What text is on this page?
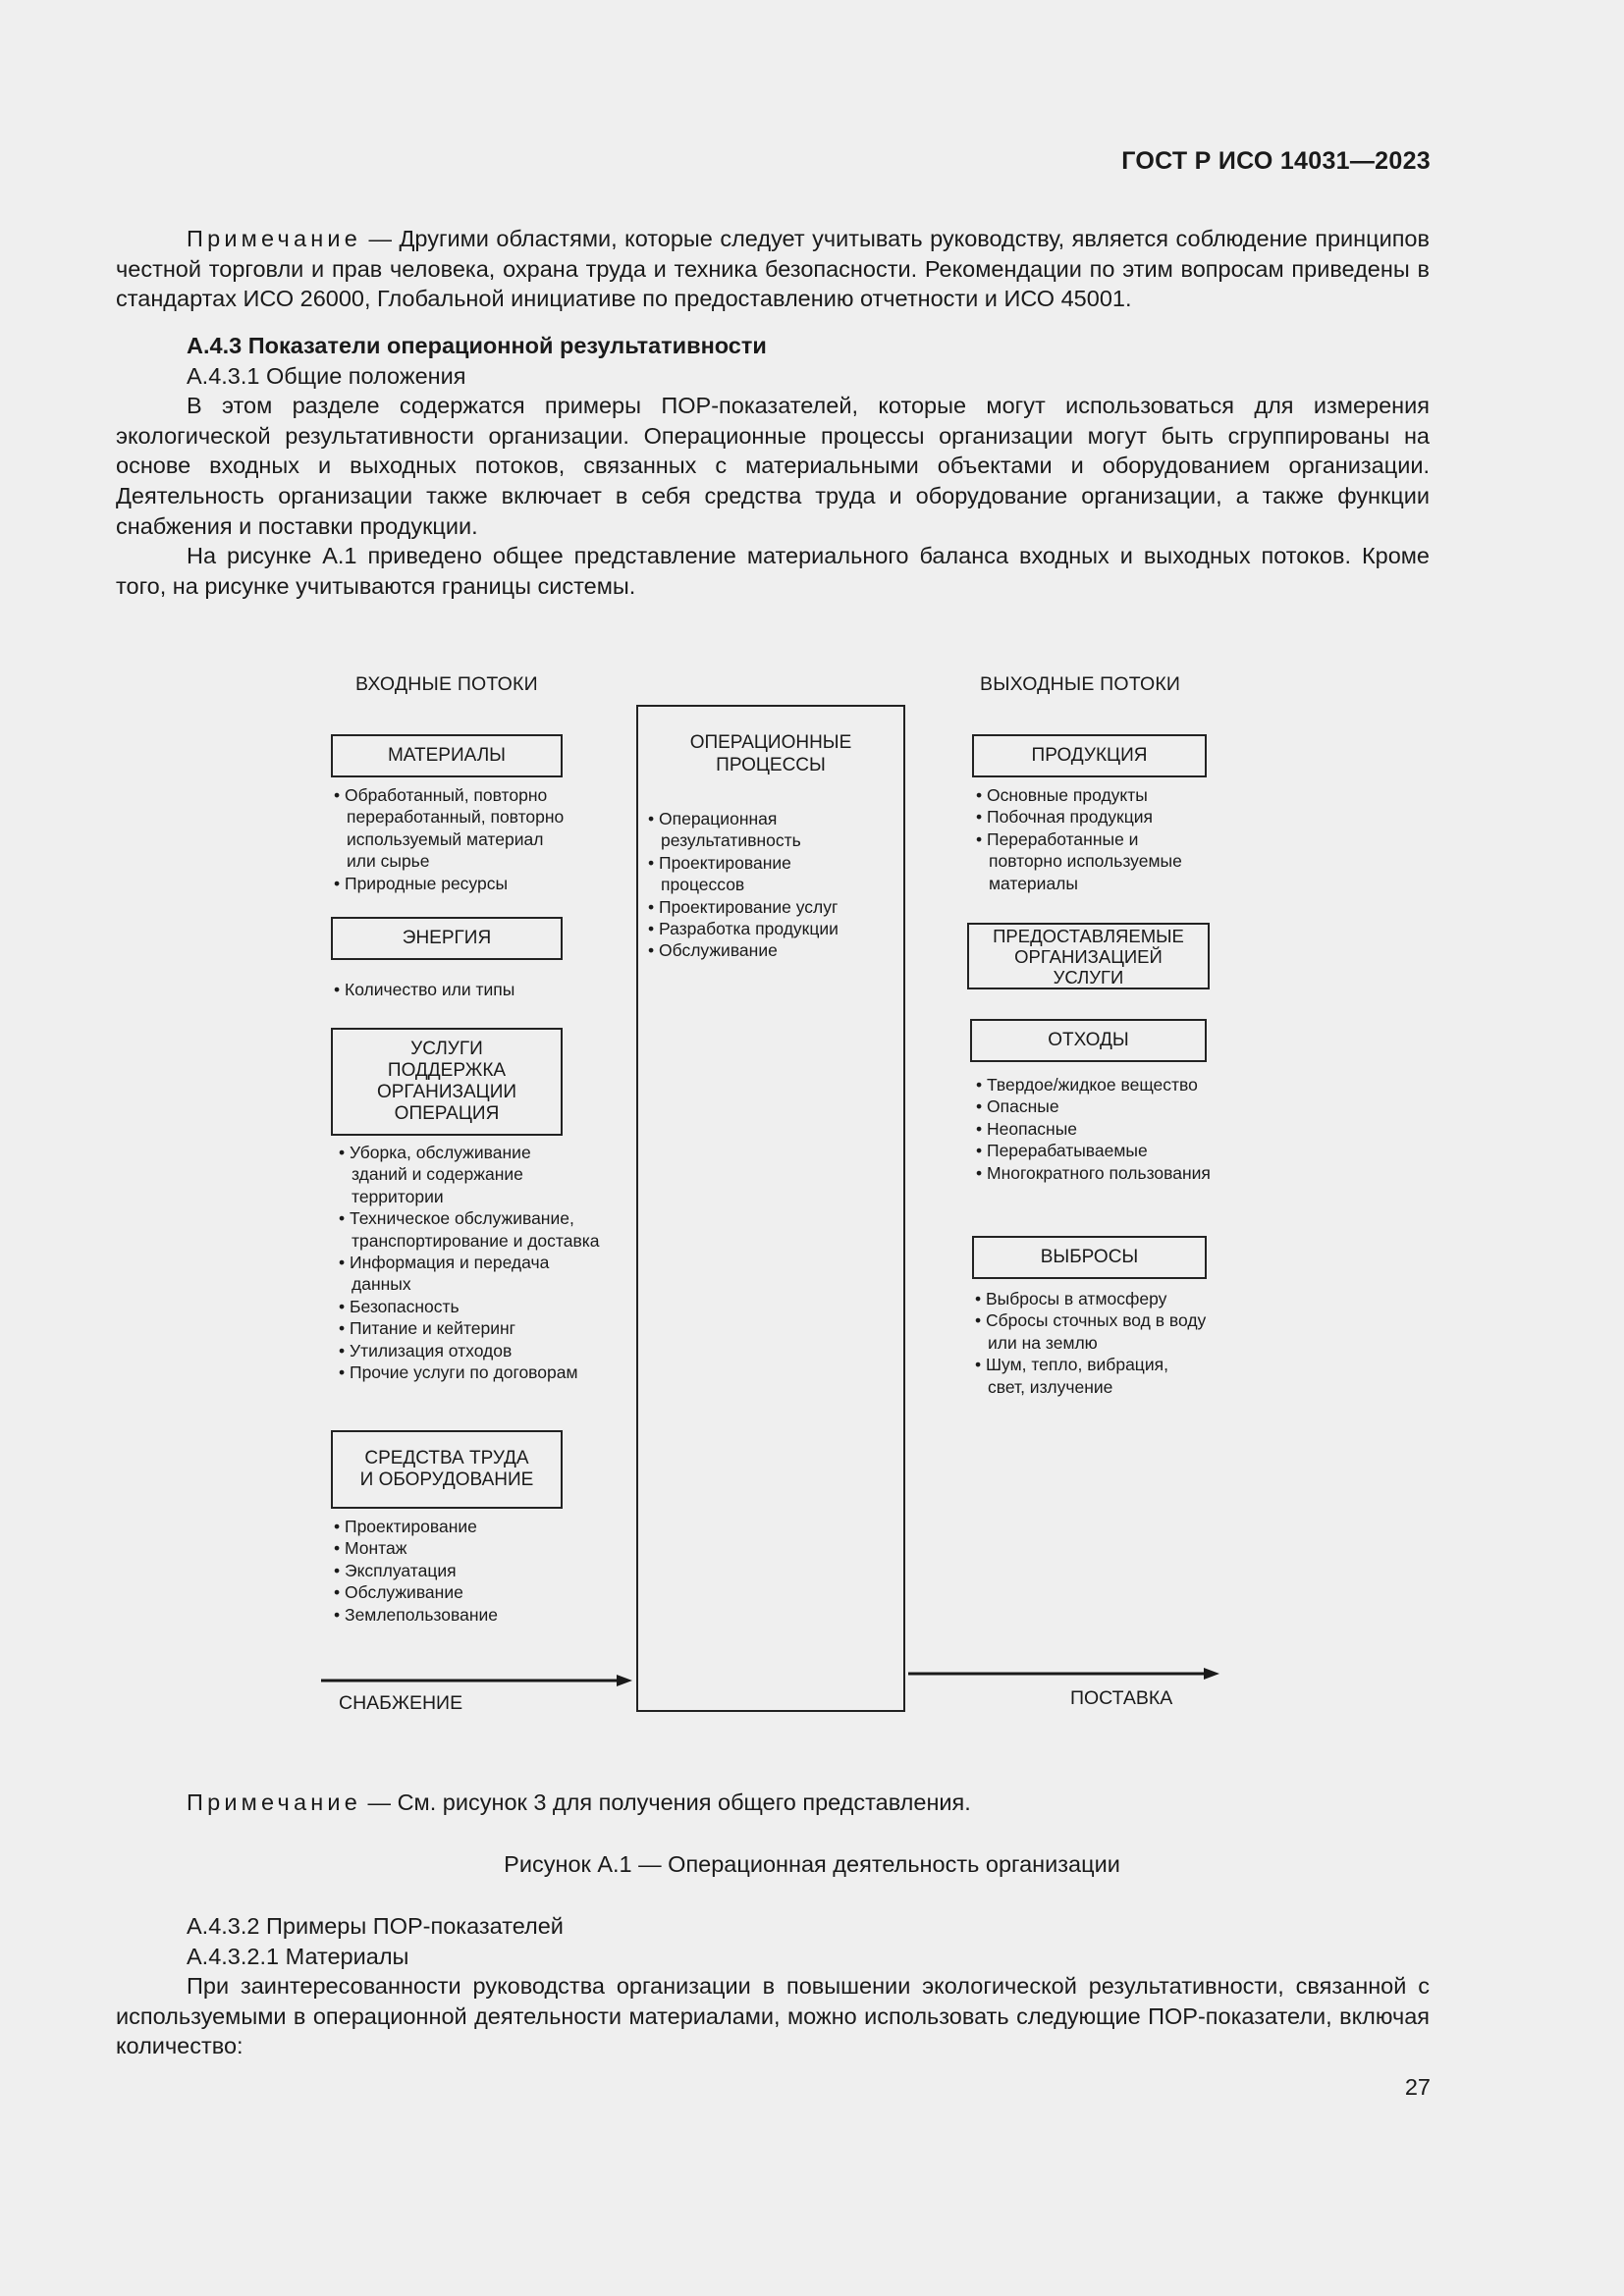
ГОСТ Р ИСО 14031—2023

Примечание — Другими областями, которые следует учитывать руководству, является соблюдение принципов честной торговли и прав человека, охрана труда и техника безопасности. Рекомендации по этим вопросам приведены в стандартах ИСО 26000, Глобальной инициативе по предоставлению отчетности и ИСО 45001.

А.4.3 Показатели операционной результативности

А.4.3.1 Общие положения

В этом разделе содержатся примеры ПОР-показателей, которые могут использоваться для измерения экологической результативности организации. Операционные процессы организации могут быть сгруппированы на основе входных и выходных потоков, связанных с материальными объектами и оборудованием организации. Деятельность организации также включает в себя средства труда и оборудование организации, а также функции снабжения и поставки продукции.

На рисунке А.1 приведено общее представление материального баланса входных и выходных потоков. Кроме того, на рисунке учитываются границы системы.

ВХОДНЫЕ ПОТОКИ	ВЫХОДНЫЕ ПОТОКИ
МАТЕРИАЛЫ
ЭНЕРГИЯ
УСЛУГИ
ПОДДЕРЖКА
ОРГАНИЗАЦИИ
ОПЕРАЦИЯ
СРЕДСТВА ТРУДА
И ОБОРУДОВАНИЕ
ОПЕРАЦИОННЫЕ
ПРОЦЕССЫ	ПРОДУКЦИЯ
ПРЕДОСТАВЛЯЕМЫЕ
ОРГАНИЗАЦИЕЙ
УСЛУГИ
ОТХОДЫ
ВЫБРОСЫ
• Обработанный, повторно
переработанный, повторно
используемый материал
или сырье
• Природные ресурсы
• Количество или типы
• Уборка, обслуживание
зданий и содержание
территории
• Техническое обслуживание,
транспортирование и доставка
• Информация и передача
данных
• Безопасность
• Питание и кейтеринг
• Утилизация отходов
• Прочие услуги по договорам
• Проектирование
• Монтаж
• Эксплуатация
• Обслуживание
• Землепользование
• Операционная
результативность
• Проектирование
процессов
• Проектирование услуг
• Разработка продукции
• Обслуживание
• Основные продукты
• Побочная продукция
• Переработанные и
повторно используемые
материалы
• Твердое/жидкое вещество
• Опасные
• Неопасные
• Перерабатываемые
• Многократного пользования
• Выбросы в атмосферу
• Сбросы сточных вод в воду
или на землю
• Шум, тепло, вибрация,
свет, излучение
СНАБЖЕНИЕ	ПОСТАВКА
Примечание — См. рисунок 3 для получения общего представления.
Рисунок А.1 — Операционная деятельность организации

А.4.3.2 Примеры ПОР-показателей

А.4.3.2.1 Материалы

При заинтересованности руководства организации в повышении экологической результативности, связанной с используемыми в операционной деятельности материалами, можно использовать следующие ПОР-показатели, включая количество:

27
